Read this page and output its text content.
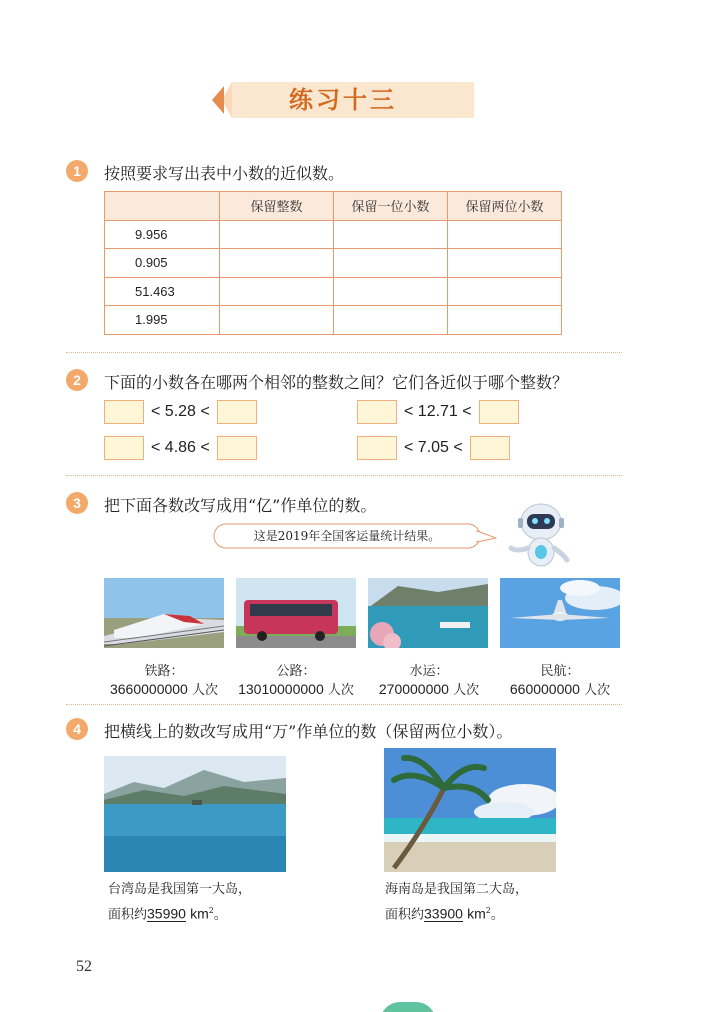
练习十三
1	按照要求写出表中小数的近似数。
	保留整数	保留一位小数	保留两位小数
9.956			
0.905			
51.463			
1.995			
2	下面的小数各在哪两个相邻的整数之间？它们各近似于哪个整数？
< 5.28 <	< 12.71 <
< 4.86 <	< 7.05 <
3	把下面各数改写成用“亿”作单位的数。
这是2019年全国客运量统计结果。
铁路：
3660000000 人次
公路：
13010000000 人次
水运：
270000000 人次
民航：
660000000 人次
4	把横线上的数改写成用“万”作单位的数（保留两位小数）。
台湾岛是我国第一大岛，
面积约35990 $km^2$。
海南岛是我国第二大岛，
面积约33900 $km^2$。
52
